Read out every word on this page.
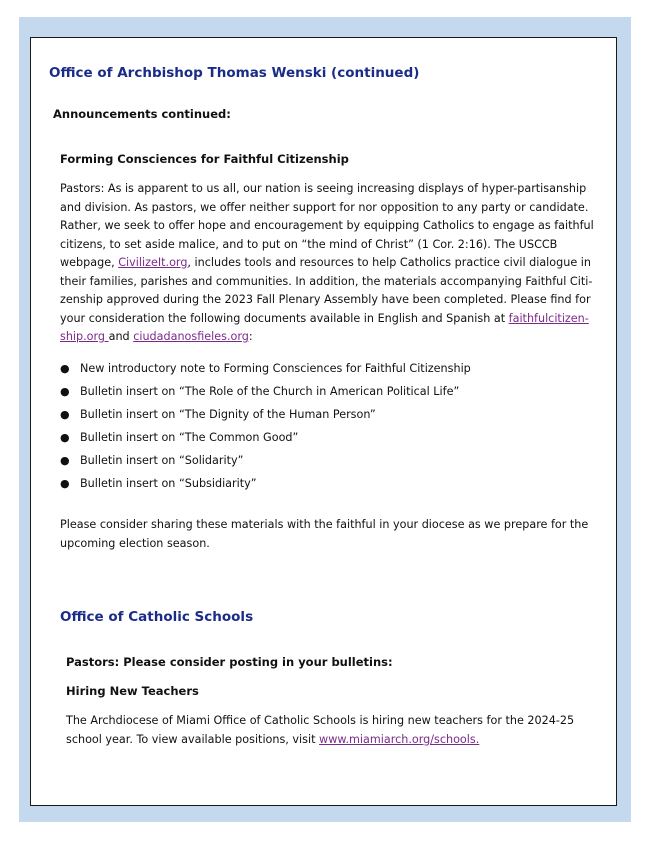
Office of Archbishop Thomas Wenski (continued)
Announcements continued:
Forming Consciences for Faithful Citizenship
Pastors: As is apparent to us all, our nation is seeing increasing displays of hyper-partisanship
and division. As pastors, we offer neither support for nor opposition to any party or candidate.
Rather, we seek to offer hope and encouragement by equipping Catholics to engage as faithful
citizens, to set aside malice, and to put on “the mind of Christ” (1 Cor. 2:16). The USCCB
webpage, CivilizeIt.org, includes tools and resources to help Catholics practice civil dialogue in
their families, parishes and communities. In addition, the materials accompanying Faithful Citi-
zenship approved during the 2023 Fall Plenary Assembly have been completed. Please find for
your consideration the following documents available in English and Spanish at faithfulcitizen-
ship.org and ciudadanosfieles.org:
● New introductory note to Forming Consciences for Faithful Citizenship
● Bulletin insert on “The Role of the Church in American Political Life”
● Bulletin insert on “The Dignity of the Human Person”
● Bulletin insert on “The Common Good”
● Bulletin insert on “Solidarity”
● Bulletin insert on “Subsidiarity”
Please consider sharing these materials with the faithful in your diocese as we prepare for the
upcoming election season.
Office of Catholic Schools
Pastors: Please consider posting in your bulletins:
Hiring New Teachers
The Archdiocese of Miami Office of Catholic Schools is hiring new teachers for the 2024-25
school year. To view available positions, visit www.miamiarch.org/schools.
